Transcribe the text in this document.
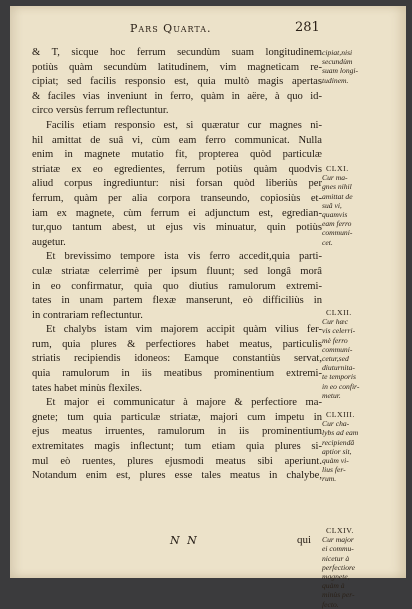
Pars Quarta.	281
& T, sicque hoc ferrum secundùm suam longitudinem
potiùs quàm secundùm latitudinem, vim magneticam re-
cipiat; sed facilis responsio est, quia multò magis apertas
& faciles vias inveniunt in ferro, quàm in aëre, à quo id-
circo versùs ferrum reflectuntur.
Facilis etiam responsio est, si quæratur cur magnes ni-
hil amittat de suâ vi, cùm eam ferro communicat. Nulla
enim in magnete mutatio fit, propterea quòd particulæ
striatæ ex eo egredientes, ferrum potiùs quàm quodvis
aliud corpus ingrediuntur: nisi forsan quòd liberiùs per
ferrum, quàm per alia corpora transeundo, copiosiùs et-
iam ex magnete, cùm ferrum ei adjunctum est, egredian-
tur,quo tantum abest, ut ejus vis minuatur, quin potiùs
augetur.
Et brevissimo tempore ista vis ferro accedit,quia parti-
culæ striatæ celerrimè per ipsum fluunt; sed longâ morâ
in eo confirmatur, quia quo diutius ramulorum extremi-
tates in unam partem flexæ manserunt, eò difficiliùs in
in contrariam reflectuntur.
Et chalybs istam vim majorem accipit quàm vilius fer-
rum, quia plures & perfectiores habet meatus, particulis
striatis recipiendis idoneos: Eamque constantiùs servat,
quia ramulorum in iis meatibus prominentium extremi-
tates habet minùs flexiles.
Et major ei communicatur à majore & perfectiore ma-
gnete; tum quia particulæ striatæ, majori cum impetu in
ejus meatus irruentes, ramulorum in iis prominentium
extremitates magis inflectunt; tum etiam quia plures si-
mul eò ruentes, plures ejusmodi meatus sibi aperiunt.
Notandum enim est, plures esse tales meatus in chalybe,
cipiat,nisi
secundùm
suam longi-
tudinem.
CLXI.
Cur ma-
gnes nihil
amittat de
suâ vi,
quamvis
eam ferro
communi-
cet.
CLXII.
Cur hæc
vis celerri-
mè ferro
communi-
cetur,sed
diuturnita-
te temporis
in eo confir-
metur.
CLXIII.
Cur cha-
lybs ad eam
recipiendā
aptior sit,
quàm vi-
lius fer-
rum.
CLXIV.
Cur major
ei commu-
nicetur à
perfectiore
magnete,
quàm à
minùs per-
fecto.
N N	qui
